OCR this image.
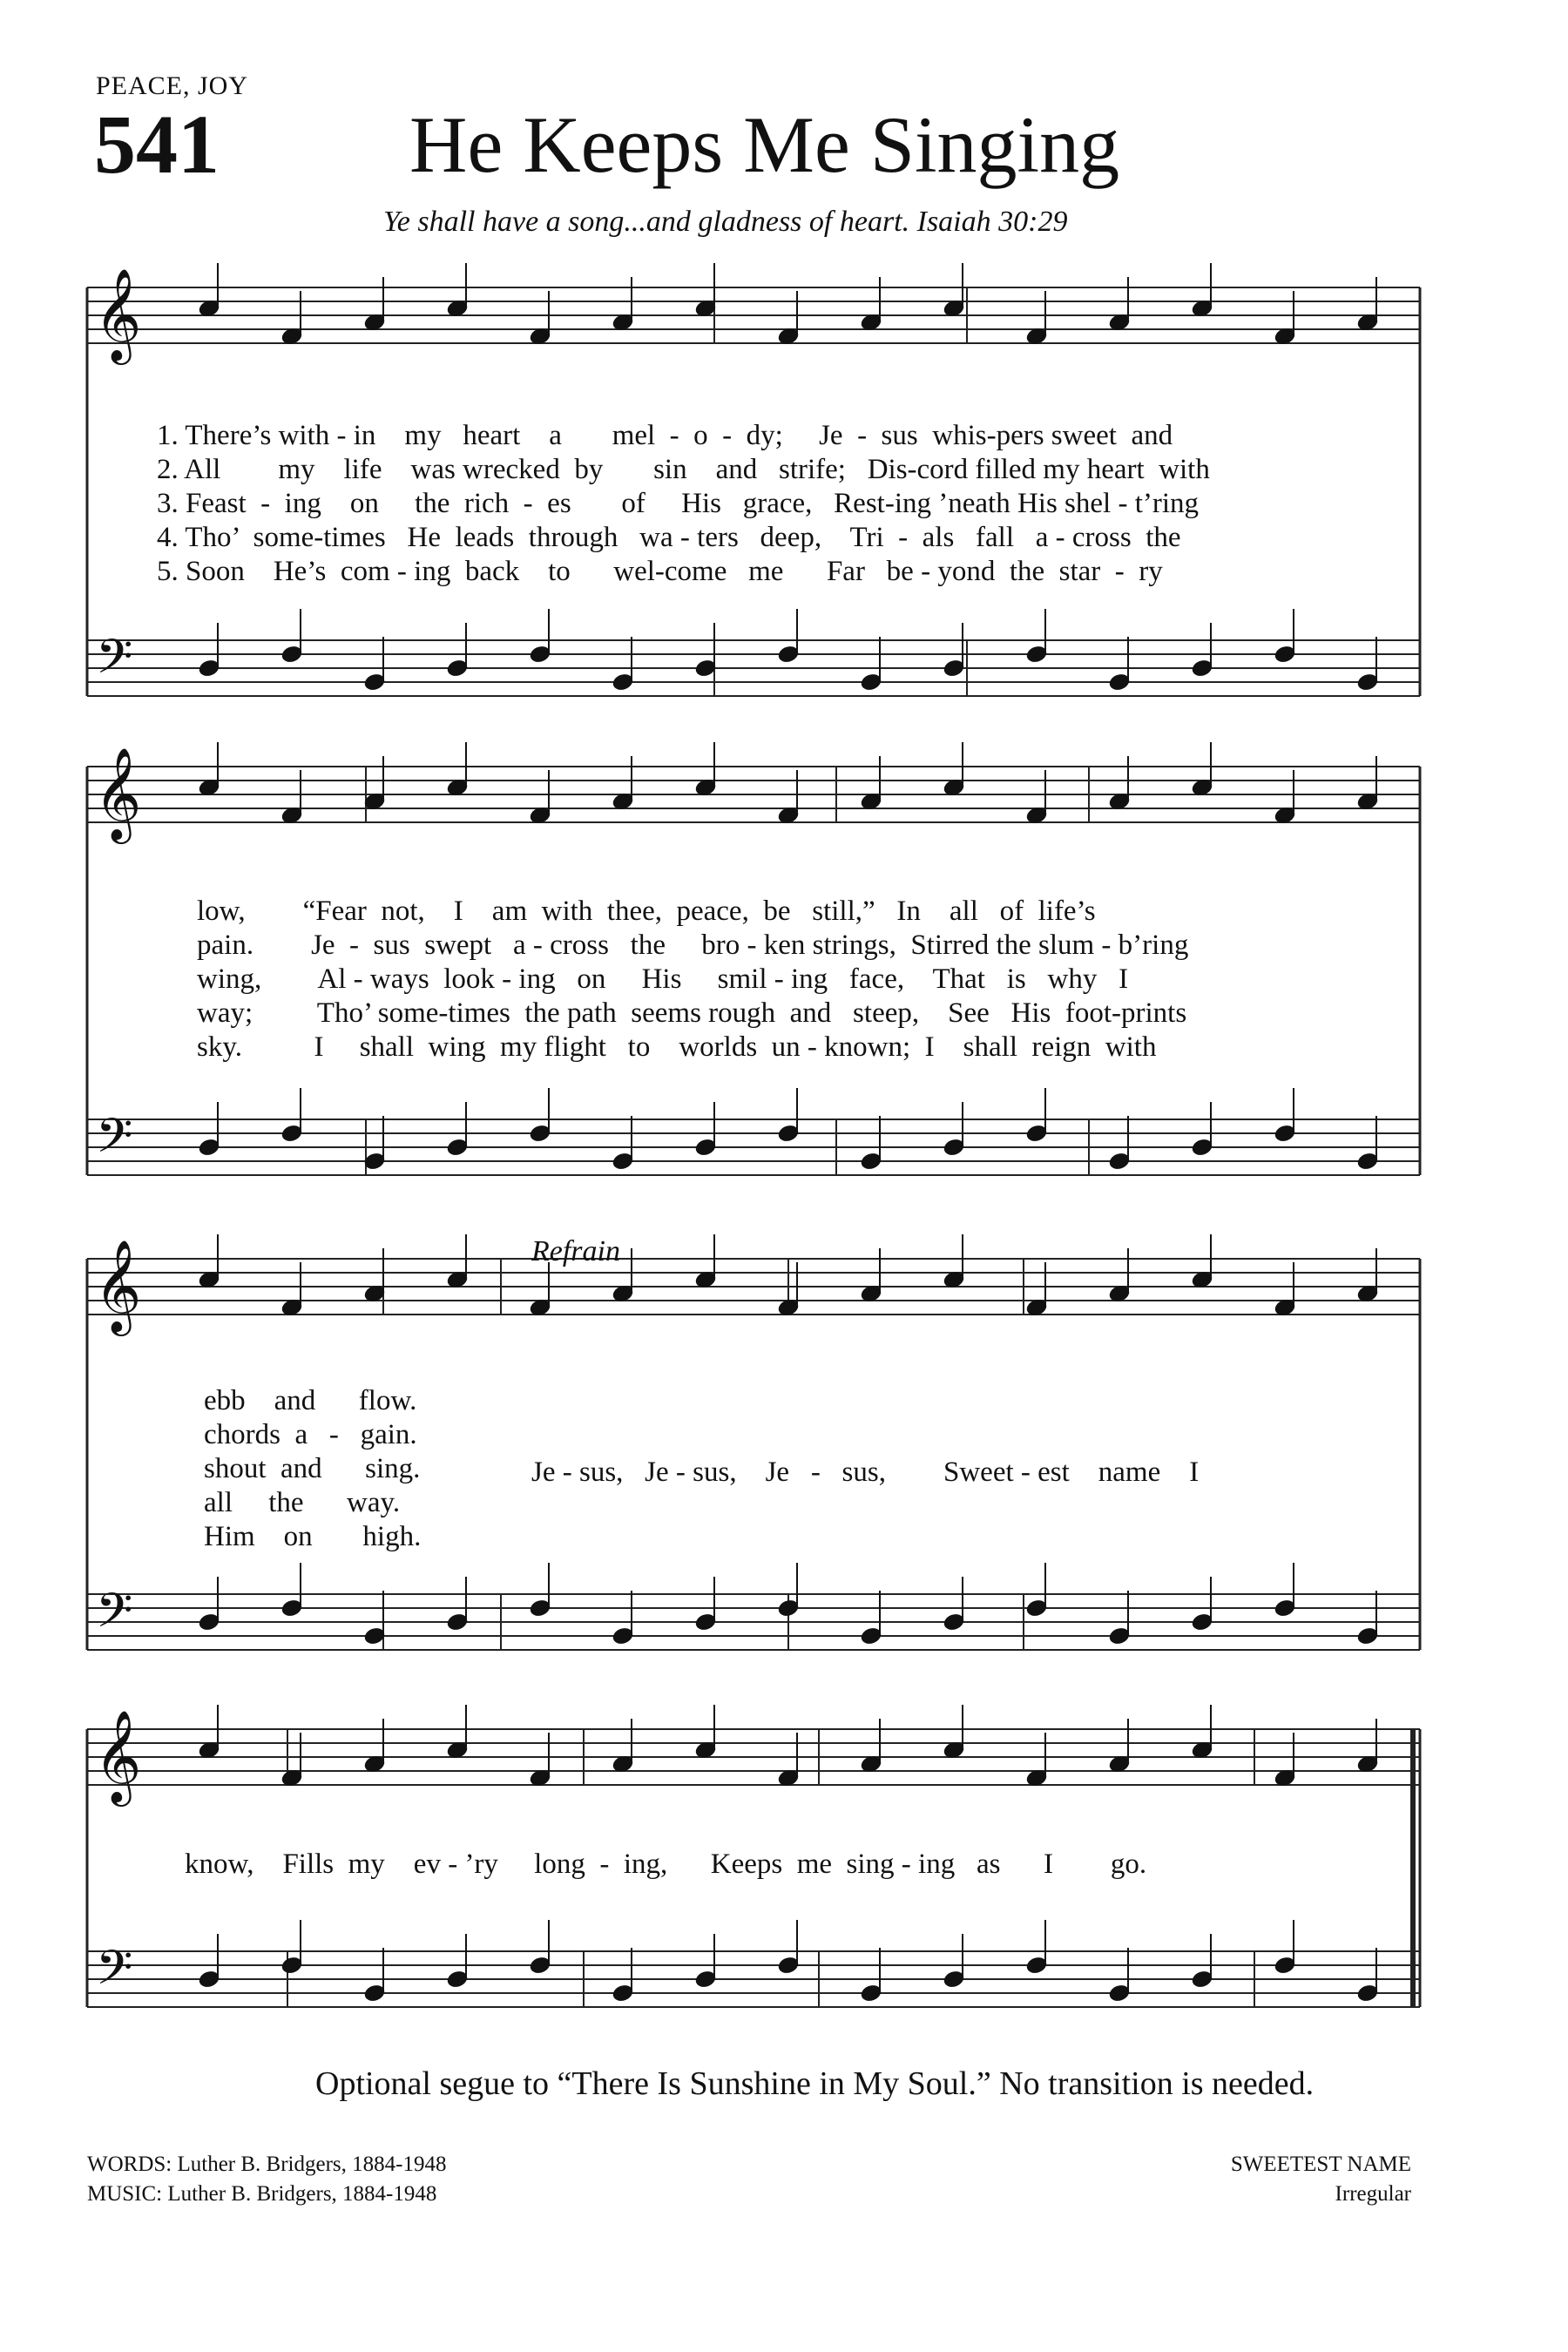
PEACE, JOY
541 He Keeps Me Singing
Ye shall have a song...and gladness of heart. Isaiah 30:29
𝄞
𝄢
𝄞
𝄢
𝄞
𝄢
𝄞
𝄢
Refrain
1. There’s with - in    my   heart    a       mel  -  o  -  dy;     Je  -  sus  whis-pers sweet  and
2. All        my    life    was wrecked  by       sin    and   strife;   Dis-cord filled my heart  with
3. Feast  -  ing    on     the  rich  -  es       of     His   grace,   Rest-ing ’neath His shel - t’ring
4. Tho’  some-times   He  leads  through   wa - ters   deep,    Tri  -  als   fall   a - cross  the
5. Soon    He’s  com - ing  back    to      wel-come   me      Far   be - yond  the  star  -  ry
low,        “Fear  not,    I    am  with  thee,  peace,  be   still,”   In    all   of  life’s
pain.        Je  -  sus  swept   a - cross   the     bro - ken strings,  Stirred the slum - b’ring
wing,        Al - ways  look - ing   on     His     smil - ing   face,    That   is   why   I
way;         Tho’ some-times  the path  seems rough  and   steep,    See   His  foot-prints
sky.          I     shall  wing  my flight   to    worlds  un - known;  I    shall  reign  with
ebb    and      flow.
chords  a   -   gain.
shout  and      sing.
all     the      way.
Him    on       high.
Je - sus,   Je - sus,    Je   -   sus,        Sweet - est    name    I
know,    Fills  my    ev - ’ry     long  -  ing,      Keeps  me  sing - ing   as      I        go.
Optional segue to “There Is Sunshine in My Soul.” No transition is needed.
WORDS: Luther B. Bridgers, 1884-1948
MUSIC: Luther B. Bridgers, 1884-1948
SWEETEST NAME
Irregular
